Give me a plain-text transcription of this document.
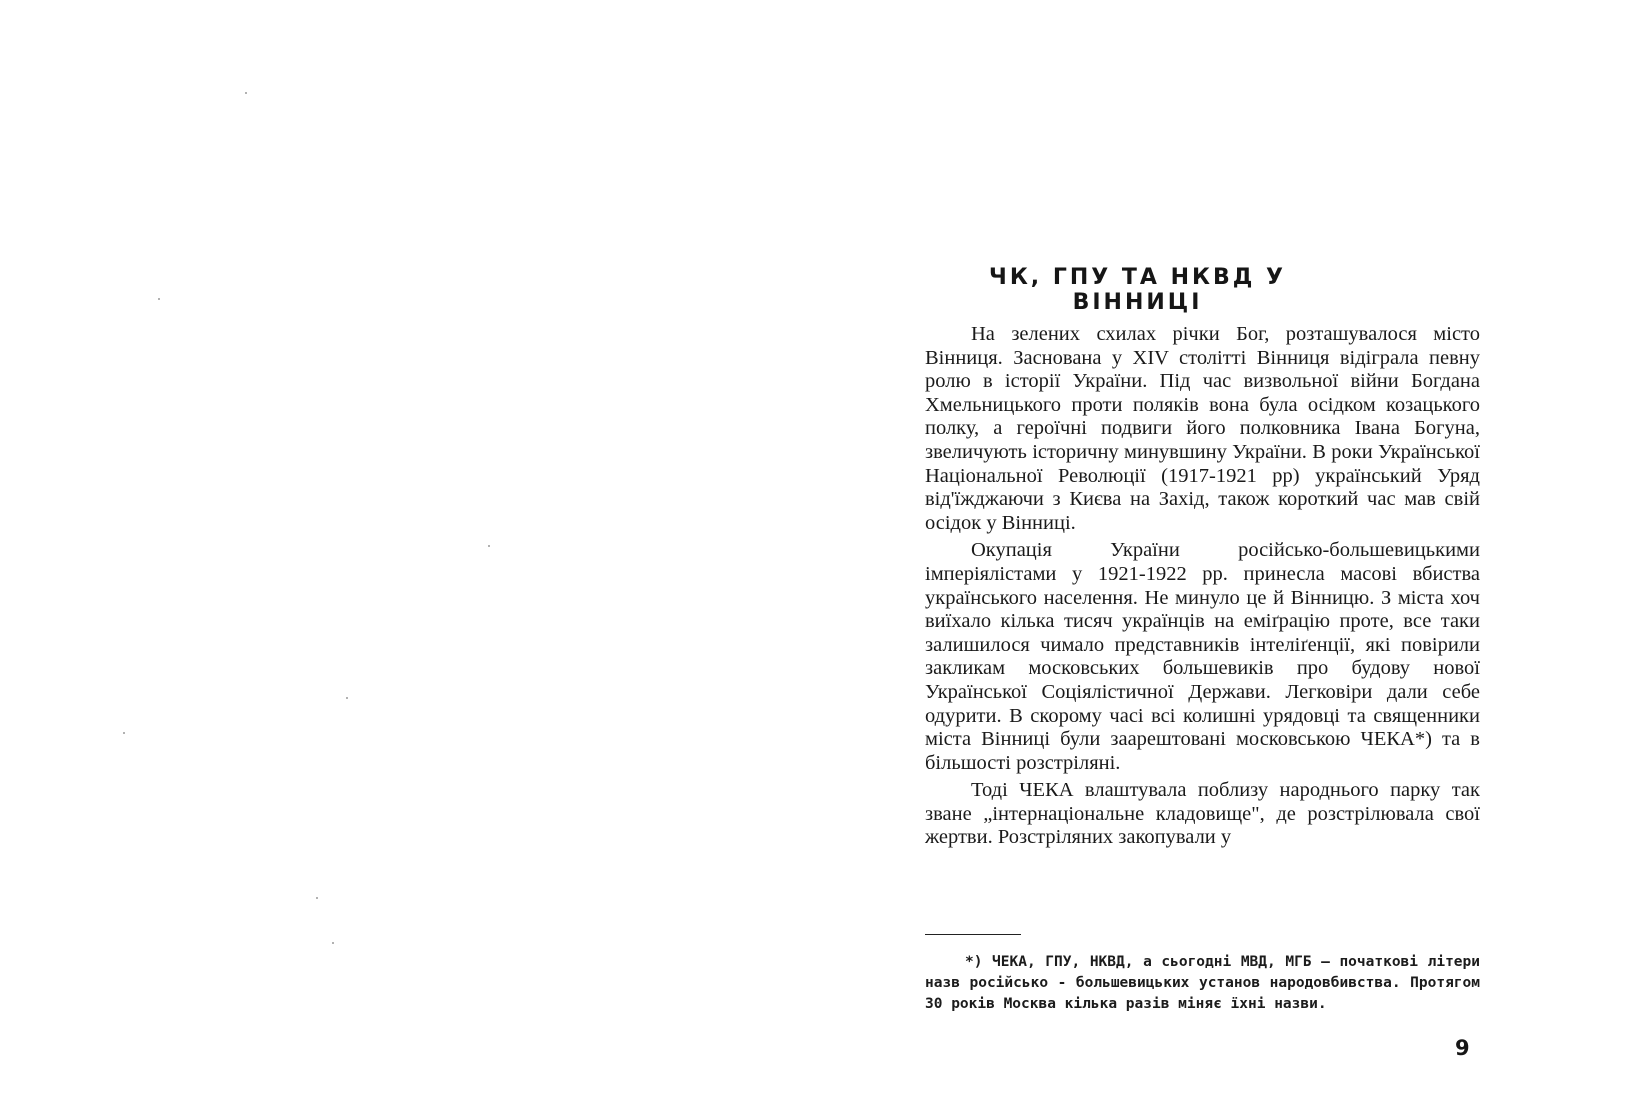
ЧК, ГПУ ТА НКВД У ВІННИЦІ

На зелених схилах річки Бог, розташувалося місто Вінниця. Заснована у XIV столітті Вінниця відіграла певну ролю в історії України. Під час визвольної війни Богдана Хмельницького проти поляків вона була осідком козацького полку, а героїчні подвиги його полковника Івана Богуна, звеличують історичну минувшину України. В роки Української Національної Революції (1917-1921 рр) український Уряд від'їжджаючи з Києва на Захід, також короткий час мав свій осідок у Вінниці.

Окупація України російсько-большевицькими імперіялістами у 1921-1922 рр. принесла масові вбиства українського населення. Не минуло це й Вінницю. З міста хоч виїхало кілька тисяч українців на еміґрацію проте, все таки залишилося чимало представників інтеліґенції, які повірили закликам московських большевиків про будову нової Української Соціялістичної Держави. Легковіри дали себе одурити. В скорому часі всі колишні урядовці та священники міста Вінниці були заарештовані московською ЧЕКА*) та в більшості розстріляні.

Тоді ЧЕКА влаштувала поблизу народнього парку так зване „інтернаціональне кладовище", де розстрілювала свої жертви. Розстріляних закопували у

*) ЧЕКА, ГПУ, НКВД, а сьогодні МВД, МГБ — початкові літери назв російсько - большевицьких установ народовбивства. Протягом 30 років Москва кілька разів міняє їхні назви.

9
